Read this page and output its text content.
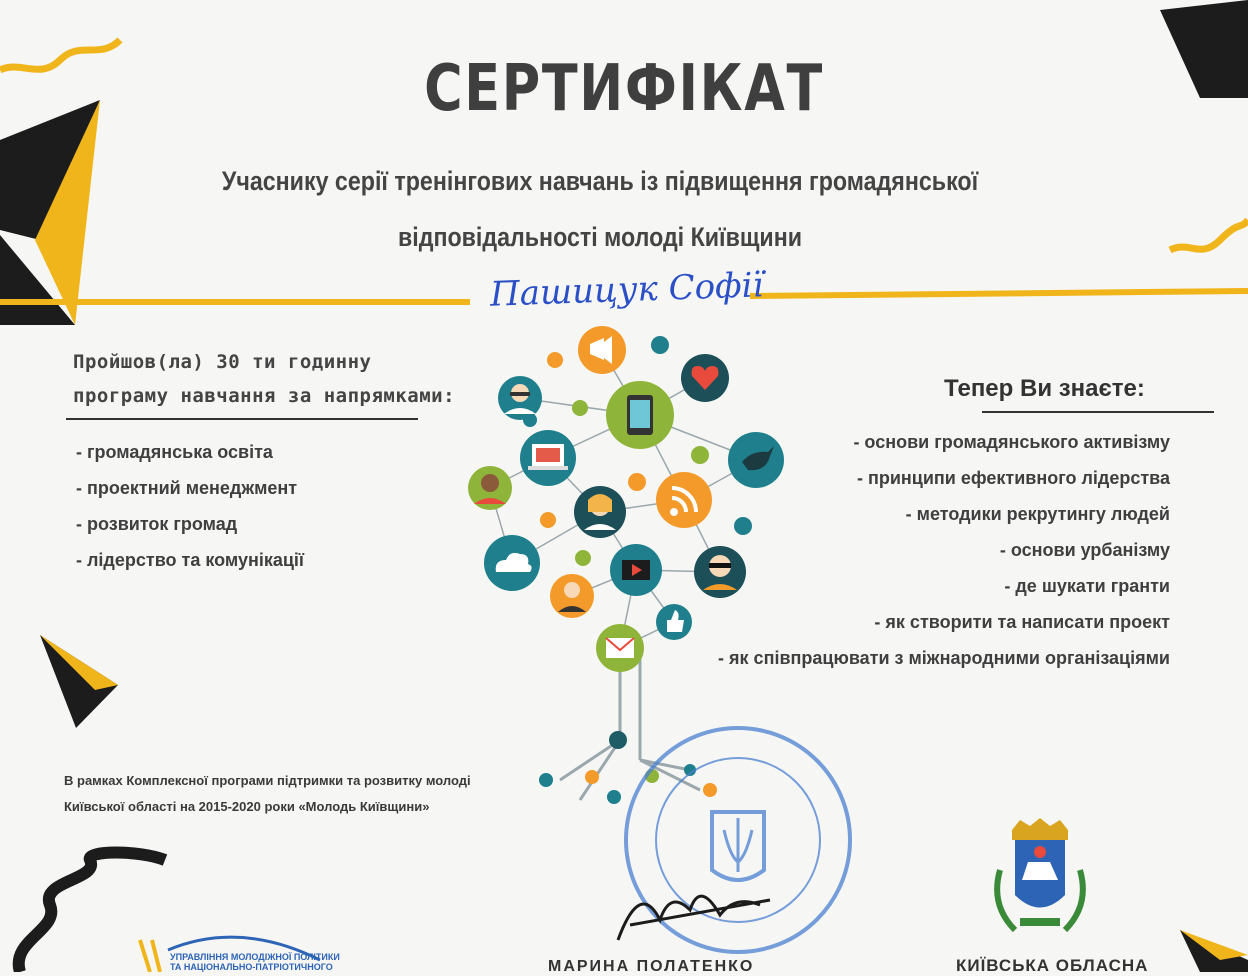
УПРАВЛІННЯ МОЛОДІЖНОЇ ПОЛІТИКИ
ТА НАЦІОНАЛЬНО-ПАТРІОТИЧНОГО
СЕРТИФІКАТ
Учаснику серії тренінгових навчань із підвищення громадянської
відповідальності молоді Київщини
Пашицук Софії
Пройшов(ла) 30 ти годинну
програму навчання за напрямками:
- громадянська освіта
- проектний менеджмент
- розвиток громад
- лідерство та комунікації
Тепер Ви знаєте:
- основи громадянського активізму
- принципи ефективного лідерства
- методики рекрутингу людей
- основи урбанізму
- де шукати гранти
- як створити та написати проект
- як співпрацювати з міжнародними організаціями
В рамках Комплексної програми підтримки та розвитку молоді
Київської області на 2015-2020 роки «Молодь Київщини»
МАРИНА ПОЛАТЕНКО	КИЇВСЬКА ОБЛАСНА
